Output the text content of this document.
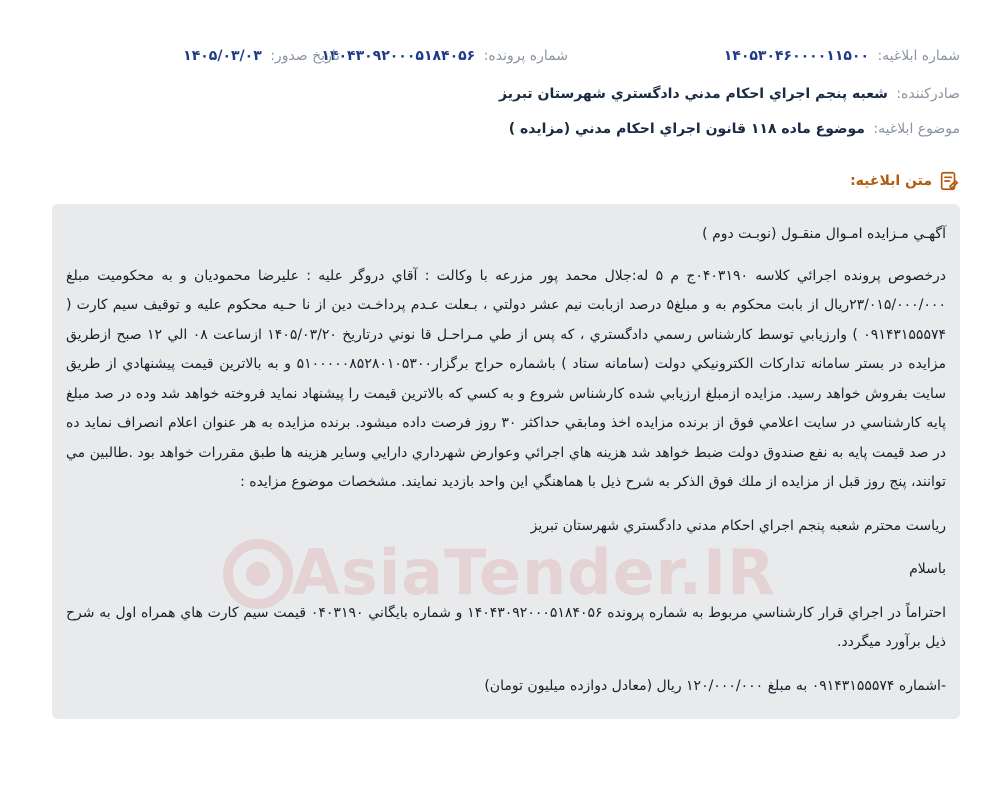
شماره ابلاغيه: ۱۴۰۵۳۰۴۶۰۰۰۰۱۱۵۰۰
شماره پرونده: ۱۴۰۴۳۰۹۲۰۰۰۵۱۸۴۰۵۶
تاریخ صدور: ۱۴۰۵/۰۳/۰۳
صادرکننده: شعبه پنجم اجراي احكام مدني دادگستري شهرستان تبريز
موضوع ابلاغيه: موضوع ماده ۱۱۸ قانون اجراي احكام مدني (مزايده )
متن ابلاغيه:
AsiaTender.IR

آگهـي مـزايده امـوال منقـول (نوبـت دوم )

درخصوص پرونده اجرائي كلاسه ۰۴۰۳۱۹۰ج م ۵ له:جلال محمد پور مزرعه با وكالت : آقاي دروگر عليه : عليرضا محموديان و به محكوميت مبلغ ۲۳/۰۱۵/۰۰۰/۰۰۰ريال از بابت محكوم به و مبلغ۵ درصد ازبابت نيم عشر دولتي ، بـعلت عـدم پرداخـت دين از نا حـيه محكوم عليه و توقيف سيم كارت ( ۰۹۱۴۳۱۵۵۵۷۴ ) وارزيابي توسط كارشناس رسمي دادگستري ، كه پس از طي مـراحـل قا نوني درتاريخ ۱۴۰۵/۰۳/۲۰ ازساعت ۰۸ الي ۱۲ صبح ازطريق مزايده در بستر سامانه تداركات الكترونيكي دولت (سامانه ستاد ) باشماره حراج برگزار۵۱۰۰۰۰۰۸۵۲۸۰۱۰۵۳۰۰ و به بالاترين قيمت پيشنهادي از طريق سايت بفروش خواهد رسيد. مزايده ازمبلغ ارزيابي شده كارشناس شروع و به كسي كه بالاترين قيمت را پيشنهاد نمايد فروخته خواهد شد وده در صد مبلغ پايه كارشناسي در سايت اعلامي فوق از برنده مزايده اخذ ومابقي حداكثر ۳۰ روز فرصت داده ميشود. برنده مزايده به هر عنوان اعلام انصراف نمايد ده در صد قيمت پايه به نفع صندوق دولت ضبط خواهد شد هزينه هاي اجرائي وعوارض شهرداري دارايي وساير هزينه ها طبق مقررات خواهد بود .طالبين مي توانند، پنج روز قبل از مزايده از ملك فوق الذكر به شرح ذيل با هماهنگي اين واحد بازديد نمايند. مشخصات موضوع مزايده :

رياست محترم شعبه پنجم اجراي احكام مدني دادگستري شهرستان تبريز

باسلام

احتراماً در اجراي قرار كارشناسي مربوط به شماره پرونده ۱۴۰۴۳۰۹۲۰۰۰۵۱۸۴۰۵۶ و شماره بايگاني ۰۴۰۳۱۹۰ قيمت سيم كارت هاي همراه اول به شرح ذيل برآورد ميگردد.

-اشماره ۰۹۱۴۳۱۵۵۵۷۴ به مبلغ ۱۲۰/۰۰۰/۰۰۰ ريال (معادل دوازده ميليون تومان)
